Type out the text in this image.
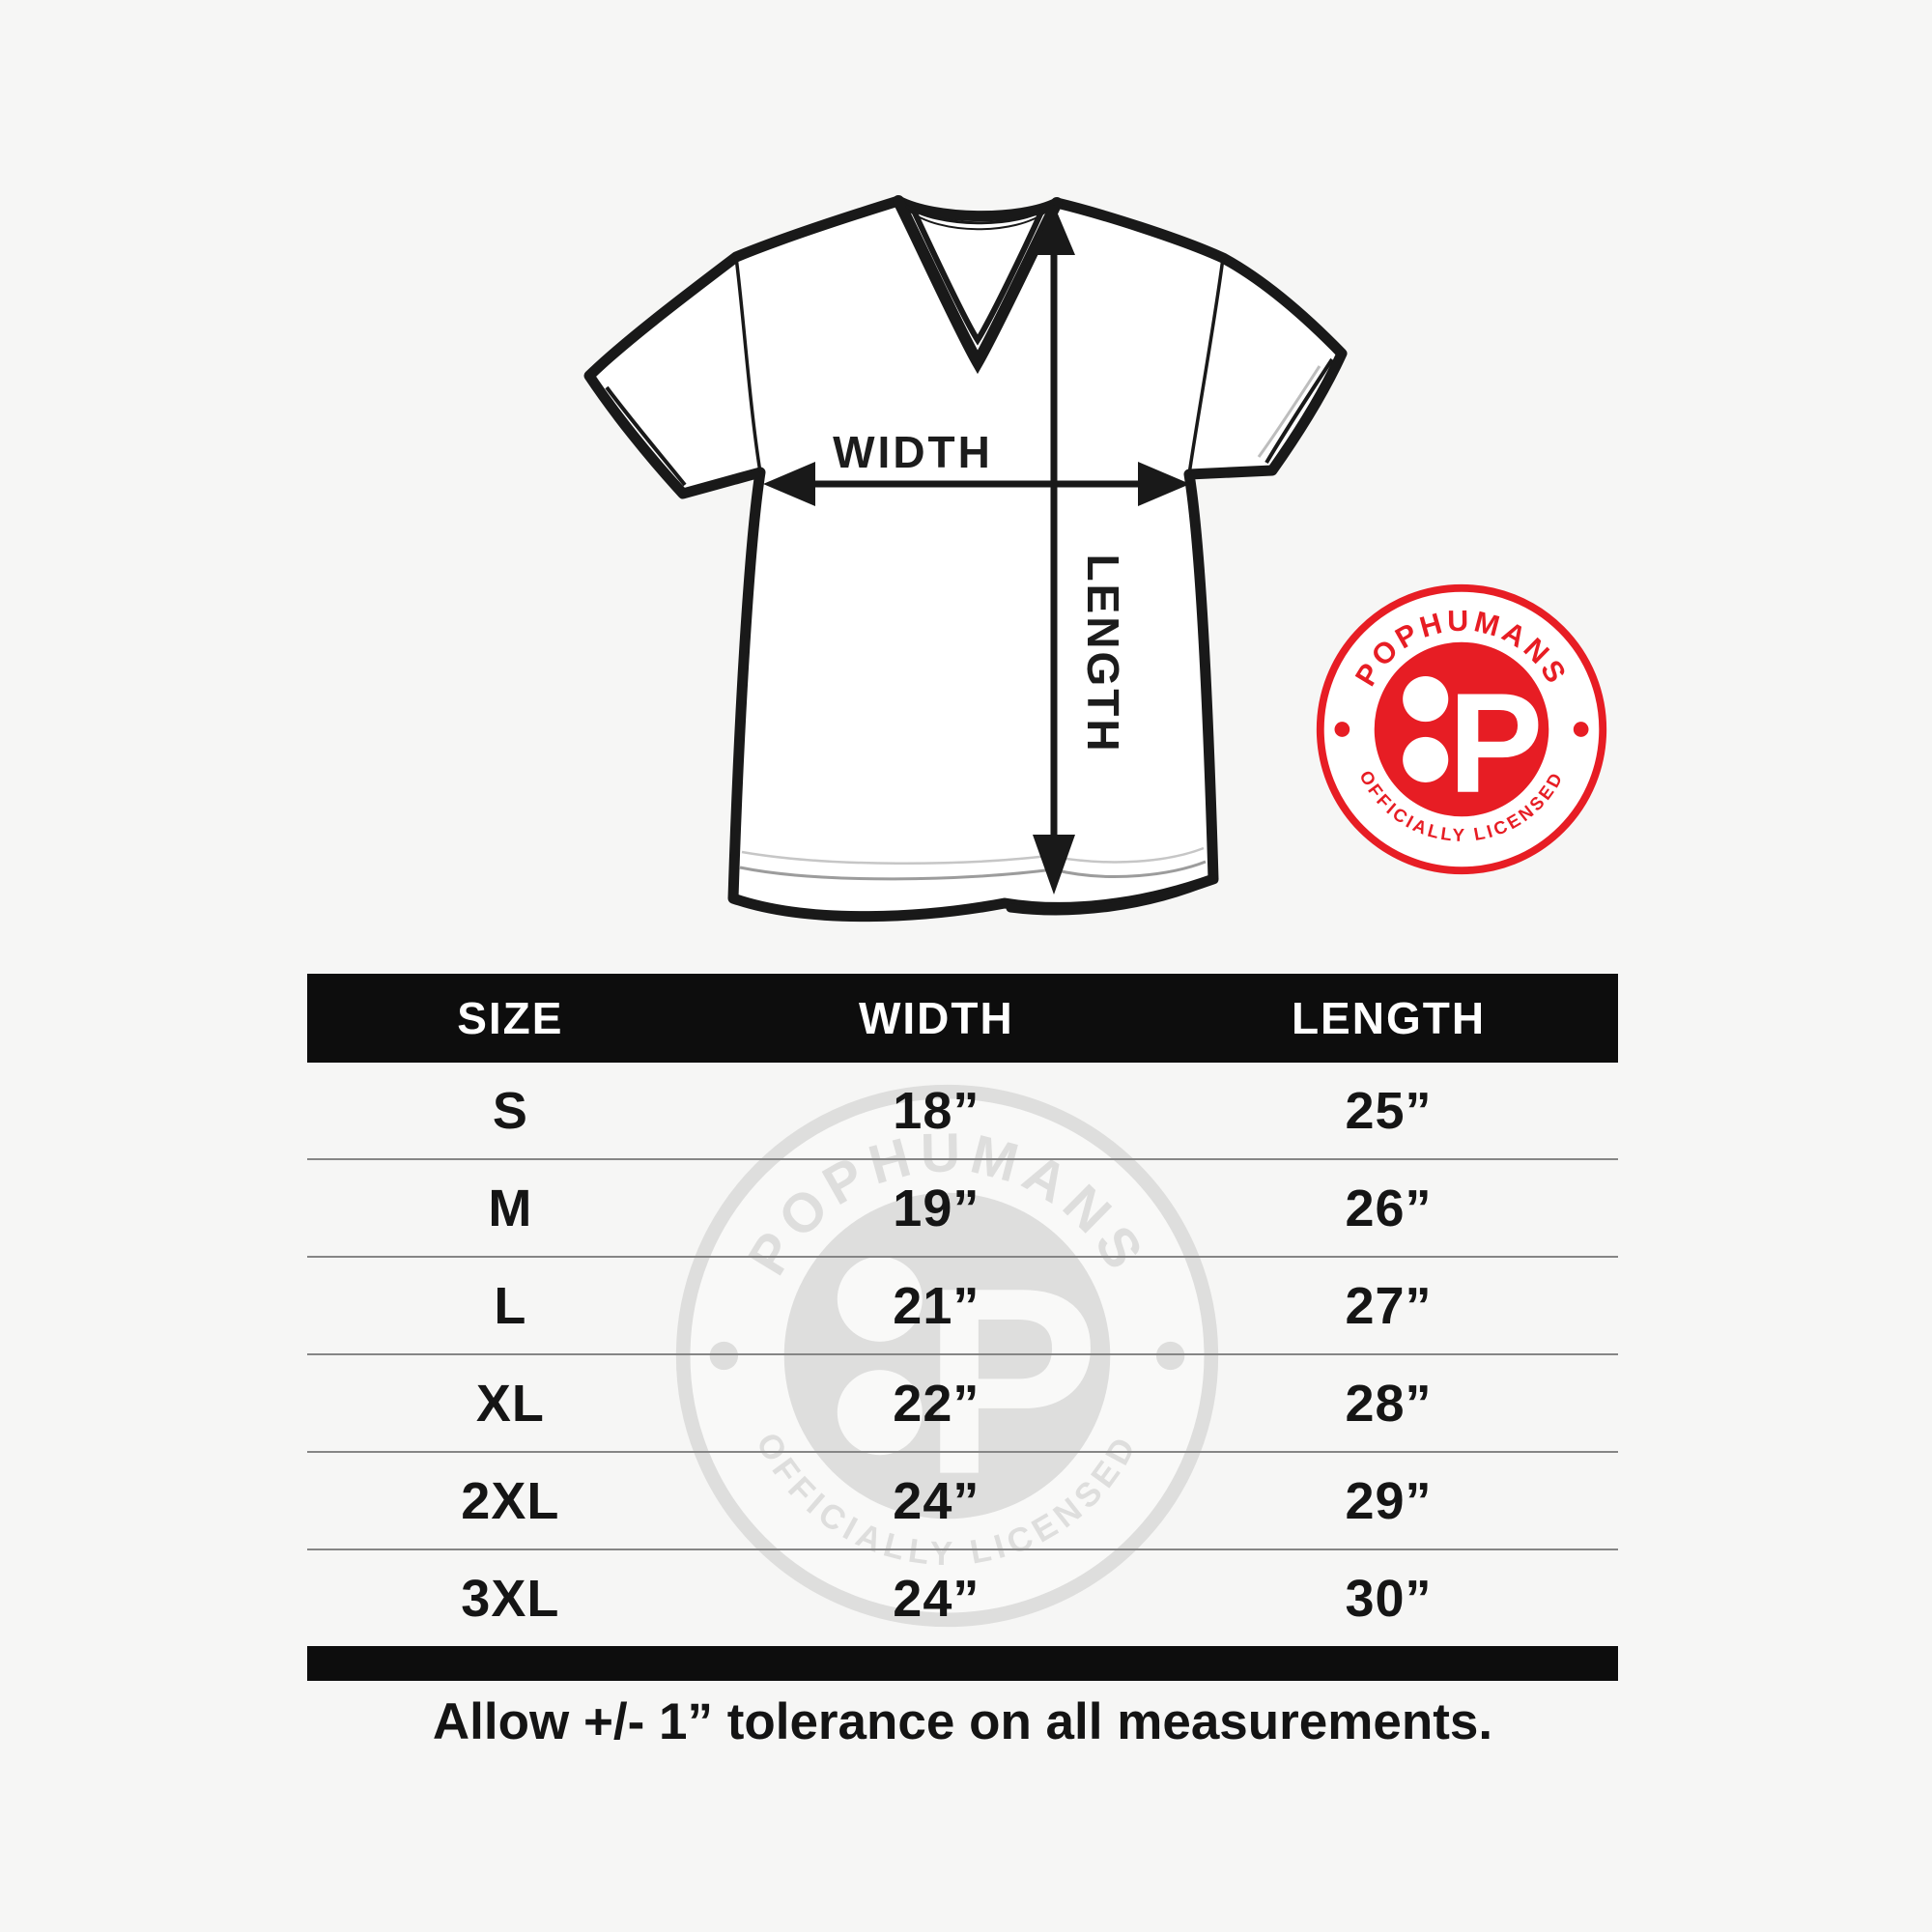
WIDTH
LENGTH
SIZE	WIDTH	LENGTH
S	18”	25”
M	19”	26”
L	21”	27”
XL	22”	28”
2XL	24”	29”
3XL	24”	30”
Allow +/- 1” tolerance on all measurements.
